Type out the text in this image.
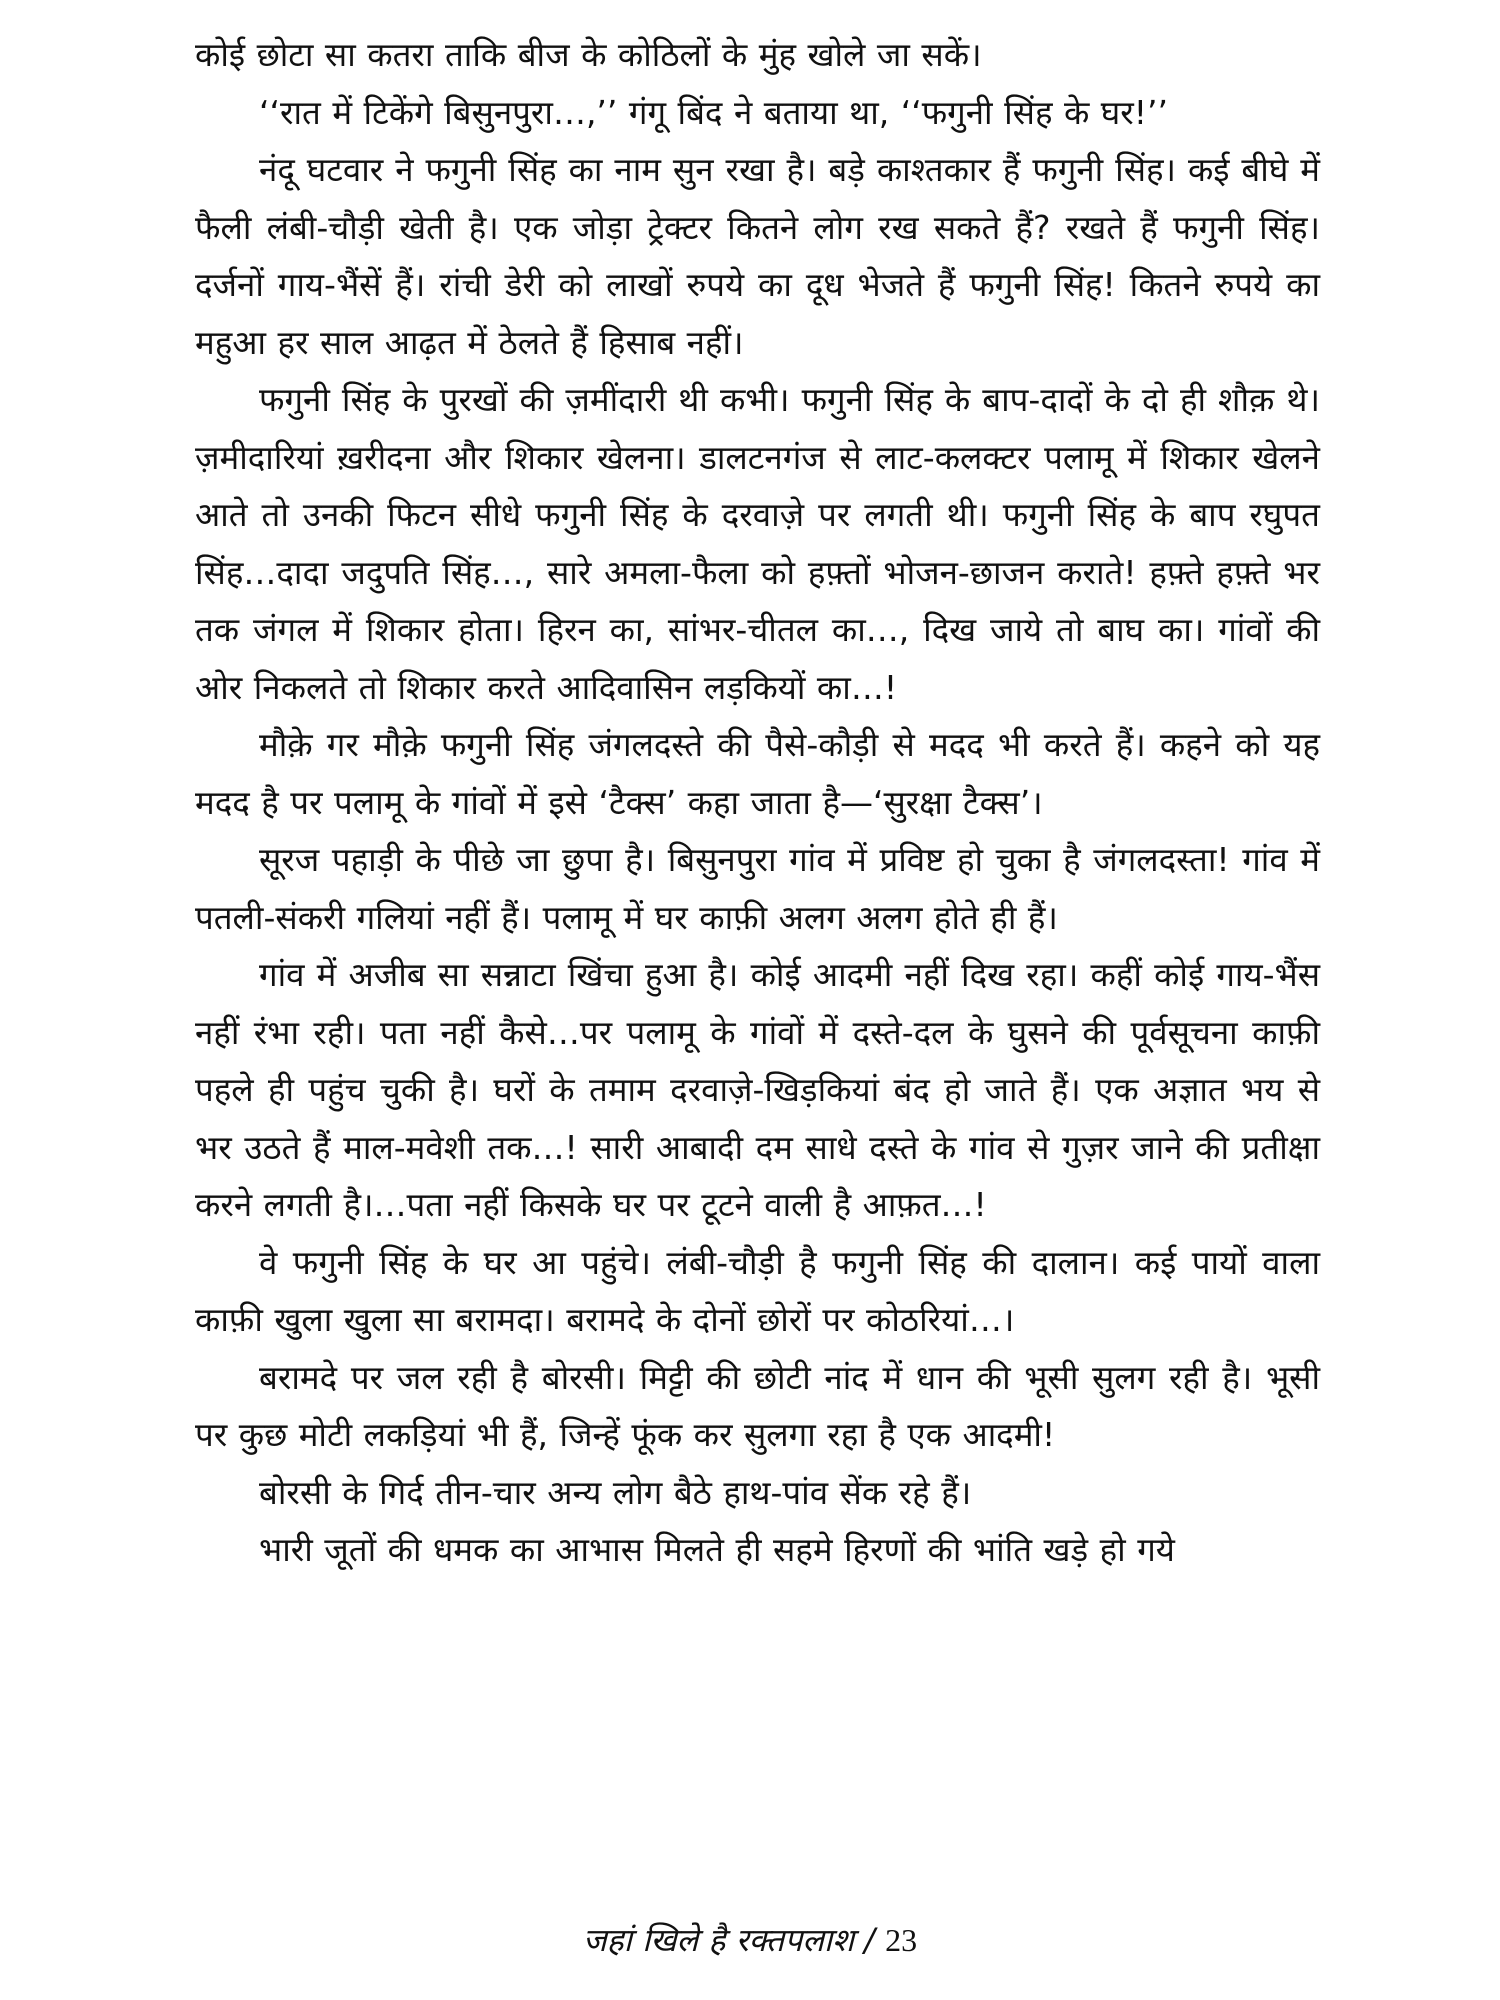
कोई छोटा सा कतरा ताकि बीज के कोठिलों के मुंह खोले जा सकें।

‘‘रात में टिकेंगे बिसुनपुरा…,’’ गंगू बिंद ने बताया था, ‘‘फगुनी सिंह के घर!’’

नंदू घटवार ने फगुनी सिंह का नाम सुन रखा है। बड़े काश्तकार हैं फगुनी सिंह। कई बीघे में फैली लंबी-चौड़ी खेती है। एक जोड़ा ट्रेक्टर कितने लोग रख सकते हैं? रखते हैं फगुनी सिंह। दर्जनों गाय-भैंसें हैं। रांची डेरी को लाखों रुपये का दूध भेजते हैं फगुनी सिंह! कितने रुपये का महुआ हर साल आढ़त में ठेलते हैं हिसाब नहीं।

फगुनी सिंह के पुरखों की ज़मींदारी थी कभी। फगुनी सिंह के बाप-दादों के दो ही शौक़ थे। ज़मीदारियां ख़रीदना और शिकार खेलना। डालटनगंज से लाट-कलक्टर पलामू में शिकार खेलने आते तो उनकी फिटन सीधे फगुनी सिंह के दरवाज़े पर लगती थी। फगुनी सिंह के बाप रघुपत सिंह…दादा जदुपति सिंह…, सारे अमला-फैला को हफ़्तों भोजन-छाजन कराते! हफ़्ते हफ़्ते भर तक जंगल में शिकार होता। हिरन का, सांभर-चीतल का…, दिख जाये तो बाघ का। गांवों की ओर निकलते तो शिकार करते आदिवासिन लड़कियों का…!

मौक़े गर मौक़े फगुनी सिंह जंगलदस्ते की पैसे-कौड़ी से मदद भी करते हैं। कहने को यह मदद है पर पलामू के गांवों में इसे ‘टैक्स’ कहा जाता है—‘सुरक्षा टैक्स’।

सूरज पहाड़ी के पीछे जा छुपा है। बिसुनपुरा गांव में प्रविष्ट हो चुका है जंगलदस्ता! गांव में पतली-संकरी गलियां नहीं हैं। पलामू में घर काफ़ी अलग अलग होते ही हैं।

गांव में अजीब सा सन्नाटा खिंचा हुआ है। कोई आदमी नहीं दिख रहा। कहीं कोई गाय-भैंस नहीं रंभा रही। पता नहीं कैसे…पर पलामू के गांवों में दस्ते-दल के घुसने की पूर्वसूचना काफ़ी पहले ही पहुंच चुकी है। घरों के तमाम दरवाज़े-खिड़कियां बंद हो जाते हैं। एक अज्ञात भय से भर उठते हैं माल-मवेशी तक…! सारी आबादी दम साधे दस्ते के गांव से गुज़र जाने की प्रतीक्षा करने लगती है।…पता नहीं किसके घर पर टूटने वाली है आफ़त…!

वे फगुनी सिंह के घर आ पहुंचे। लंबी-चौड़ी है फगुनी सिंह की दालान। कई पायों वाला काफ़ी खुला खुला सा बरामदा। बरामदे के दोनों छोरों पर कोठरियां…।

बरामदे पर जल रही है बोरसी। मिट्टी की छोटी नांद में धान की भूसी सुलग रही है। भूसी पर कुछ मोटी लकड़ियां भी हैं, जिन्हें फूंक कर सुलगा रहा है एक आदमी!

बोरसी के गिर्द तीन-चार अन्य लोग बैठे हाथ-पांव सेंक रहे हैं।

भारी जूतों की धमक का आभास मिलते ही सहमे हिरणों की भांति खड़े हो गये

जहां खिले है रक्तपलाश / 23
